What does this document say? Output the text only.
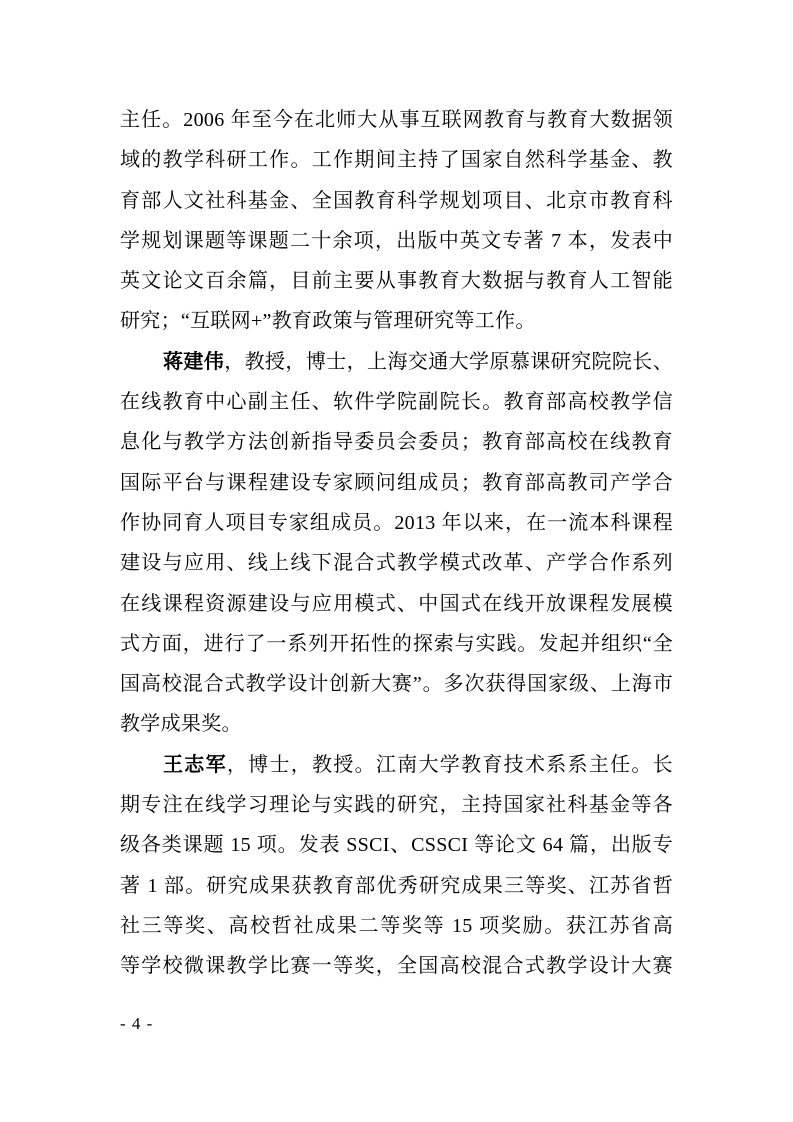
主任。2006 年至今在北师大从事互联网教育与教育大数据领
域的教学科研工作。工作期间主持了国家自然科学基金、教
育部人文社科基金、全国教育科学规划项目、北京市教育科
学规划课题等课题二十余项，出版中英文专著 7 本，发表中
英文论文百余篇，目前主要从事教育大数据与教育人工智能
研究；“互联网+”教育政策与管理研究等工作。
蒋建伟，教授，博士，上海交通大学原慕课研究院院长、
在线教育中心副主任、软件学院副院长。教育部高校教学信
息化与教学方法创新指导委员会委员；教育部高校在线教育
国际平台与课程建设专家顾问组成员；教育部高教司产学合
作协同育人项目专家组成员。2013 年以来，在一流本科课程
建设与应用、线上线下混合式教学模式改革、产学合作系列
在线课程资源建设与应用模式、中国式在线开放课程发展模
式方面，进行了一系列开拓性的探索与实践。发起并组织“全
国高校混合式教学设计创新大赛”。多次获得国家级、上海市
教学成果奖。
王志军，博士，教授。江南大学教育技术系系主任。长
期专注在线学习理论与实践的研究，主持国家社科基金等各
级各类课题 15 项。发表 SSCI、CSSCI 等论文 64 篇，出版专
著 1 部。研究成果获教育部优秀研究成果三等奖、江苏省哲
社三等奖、高校哲社成果二等奖等 15 项奖励。获江苏省高
等学校微课教学比赛一等奖，全国高校混合式教学设计大赛
- 4 -
